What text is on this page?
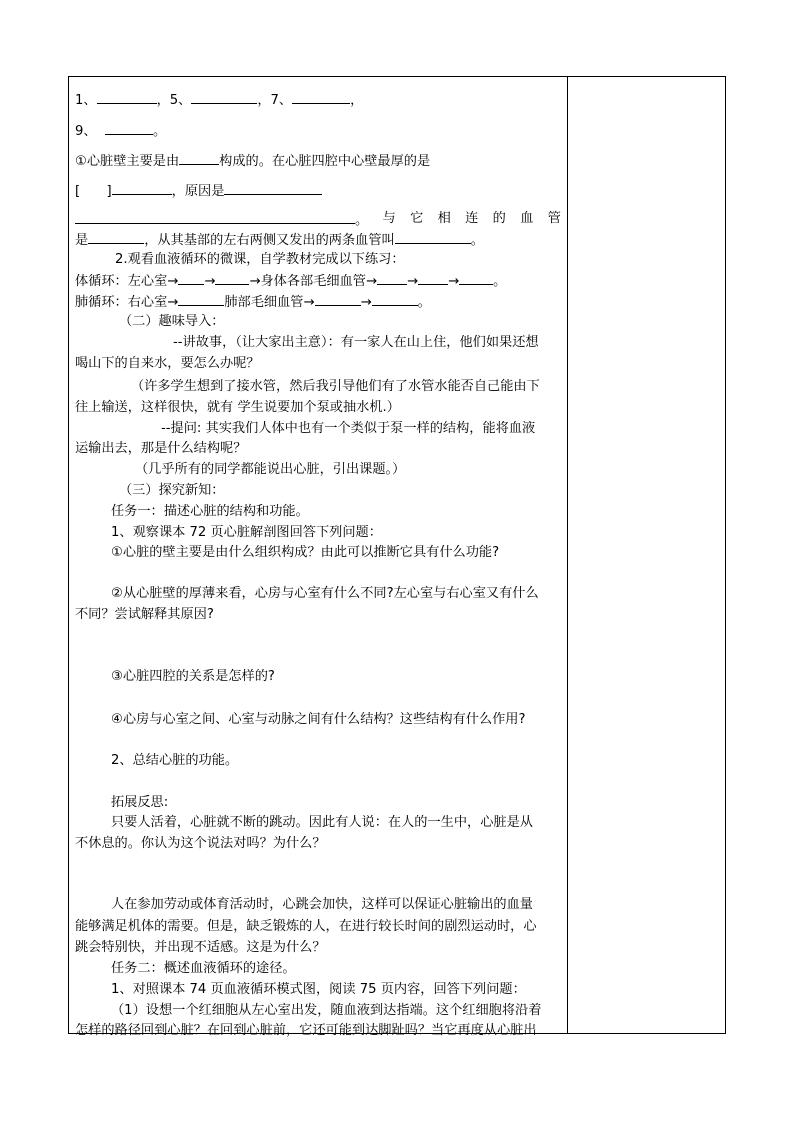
1、	，5、	，7、	，
9、	。
①心脏壁主要是由	构成的。在心脏四腔中心壁最厚的是
[　　]	，原因是
。 与 它 相 连 的 血 管
是	，从其基部的左右两侧又发出的两条血管叫	。
2.观看血液循环的微课，自学教材完成以下练习：
体循环：左心室→ →	→身体各部毛细血管→ → →	。
肺循环：右心室→	肺部毛细血管→	→	。
（二）趣味导入：
--讲故事，（让大家出主意）：有一家人在山上住，他们如果还想
喝山下的自来水，要怎么办呢？
（许多学生想到了接水管，然后我引导他们有了水管水能否自己能由下
往上输送，这样很快，就有 学生说要加个泵或抽水机.）
--提问: 其实我们人体中也有一个类似于泵一样的结构，能将血液
运输出去，那是什么结构呢？
（几乎所有的同学都能说出心脏，引出课题。）
（三）探究新知：
任务一：描述心脏的结构和功能。
1、观察课本 72 页心脏解剖图回答下列问题：
①心脏的壁主要是由什么组织构成？由此可以推断它具有什么功能?
②从心脏壁的厚薄来看，心房与心室有什么不同?左心室与右心室又有什么
不同？尝试解释其原因?
③心脏四腔的关系是怎样的?
④心房与心室之间、心室与动脉之间有什么结构？这些结构有什么作用?
2、总结心脏的功能。
拓展反思:
只要人活着，心脏就不断的跳动。因此有人说：在人的一生中，心脏是从
不休息的。你认为这个说法对吗？为什么？
人在参加劳动或体育活动时，心跳会加快，这样可以保证心脏输出的血量
能够满足机体的需要。但是，缺乏锻炼的人，在进行较长时间的剧烈运动时，心
跳会特别快，并出现不适感。这是为什么？
任务二：概述血液循环的途径。
1、对照课本 74 页血液循环模式图，阅读 75 页内容，回答下列问题：
（1）设想一个红细胞从左心室出发，随血液到达指端。这个红细胞将沿着
怎样的路径回到心脏？在回到心脏前，它还可能到达脚趾吗？当它再度从心脏出
